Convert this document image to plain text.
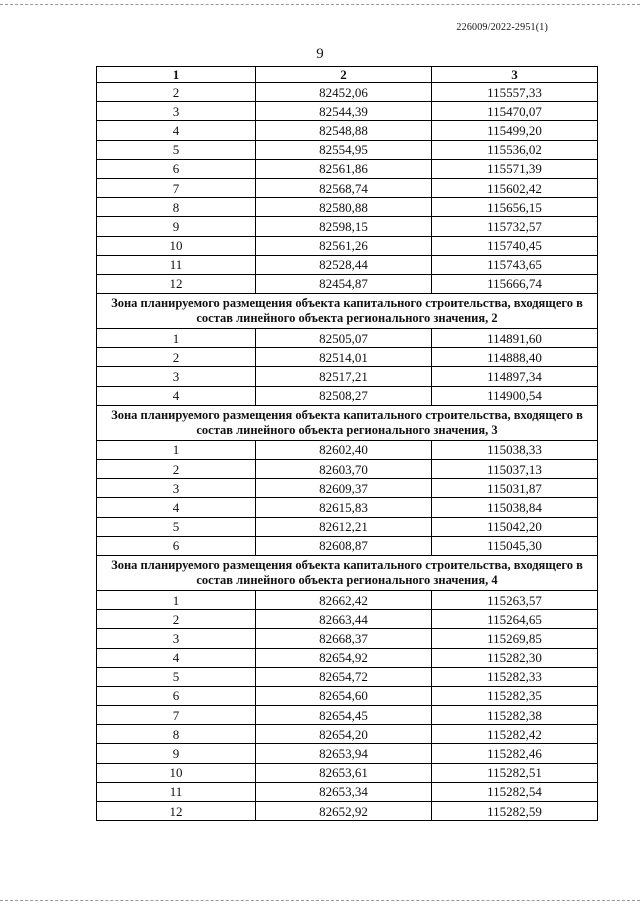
226009/2022-2951(1)
9
1	2	3
2	82452,06	115557,33
3	82544,39	115470,07
4	82548,88	115499,20
5	82554,95	115536,02
6	82561,86	115571,39
7	82568,74	115602,42
8	82580,88	115656,15
9	82598,15	115732,57
10	82561,26	115740,45
11	82528,44	115743,65
12	82454,87	115666,74
Зона планируемого размещения объекта капитального строительства, входящего в состав линейного объекта регионального значения, 2		
1	82505,07	114891,60
2	82514,01	114888,40
3	82517,21	114897,34
4	82508,27	114900,54
Зона планируемого размещения объекта капитального строительства, входящего в состав линейного объекта регионального значения, 3		
1	82602,40	115038,33
2	82603,70	115037,13
3	82609,37	115031,87
4	82615,83	115038,84
5	82612,21	115042,20
6	82608,87	115045,30
Зона планируемого размещения объекта капитального строительства, входящего в состав линейного объекта регионального значения, 4		
1	82662,42	115263,57
2	82663,44	115264,65
3	82668,37	115269,85
4	82654,92	115282,30
5	82654,72	115282,33
6	82654,60	115282,35
7	82654,45	115282,38
8	82654,20	115282,42
9	82653,94	115282,46
10	82653,61	115282,51
11	82653,34	115282,54
12	82652,92	115282,59
